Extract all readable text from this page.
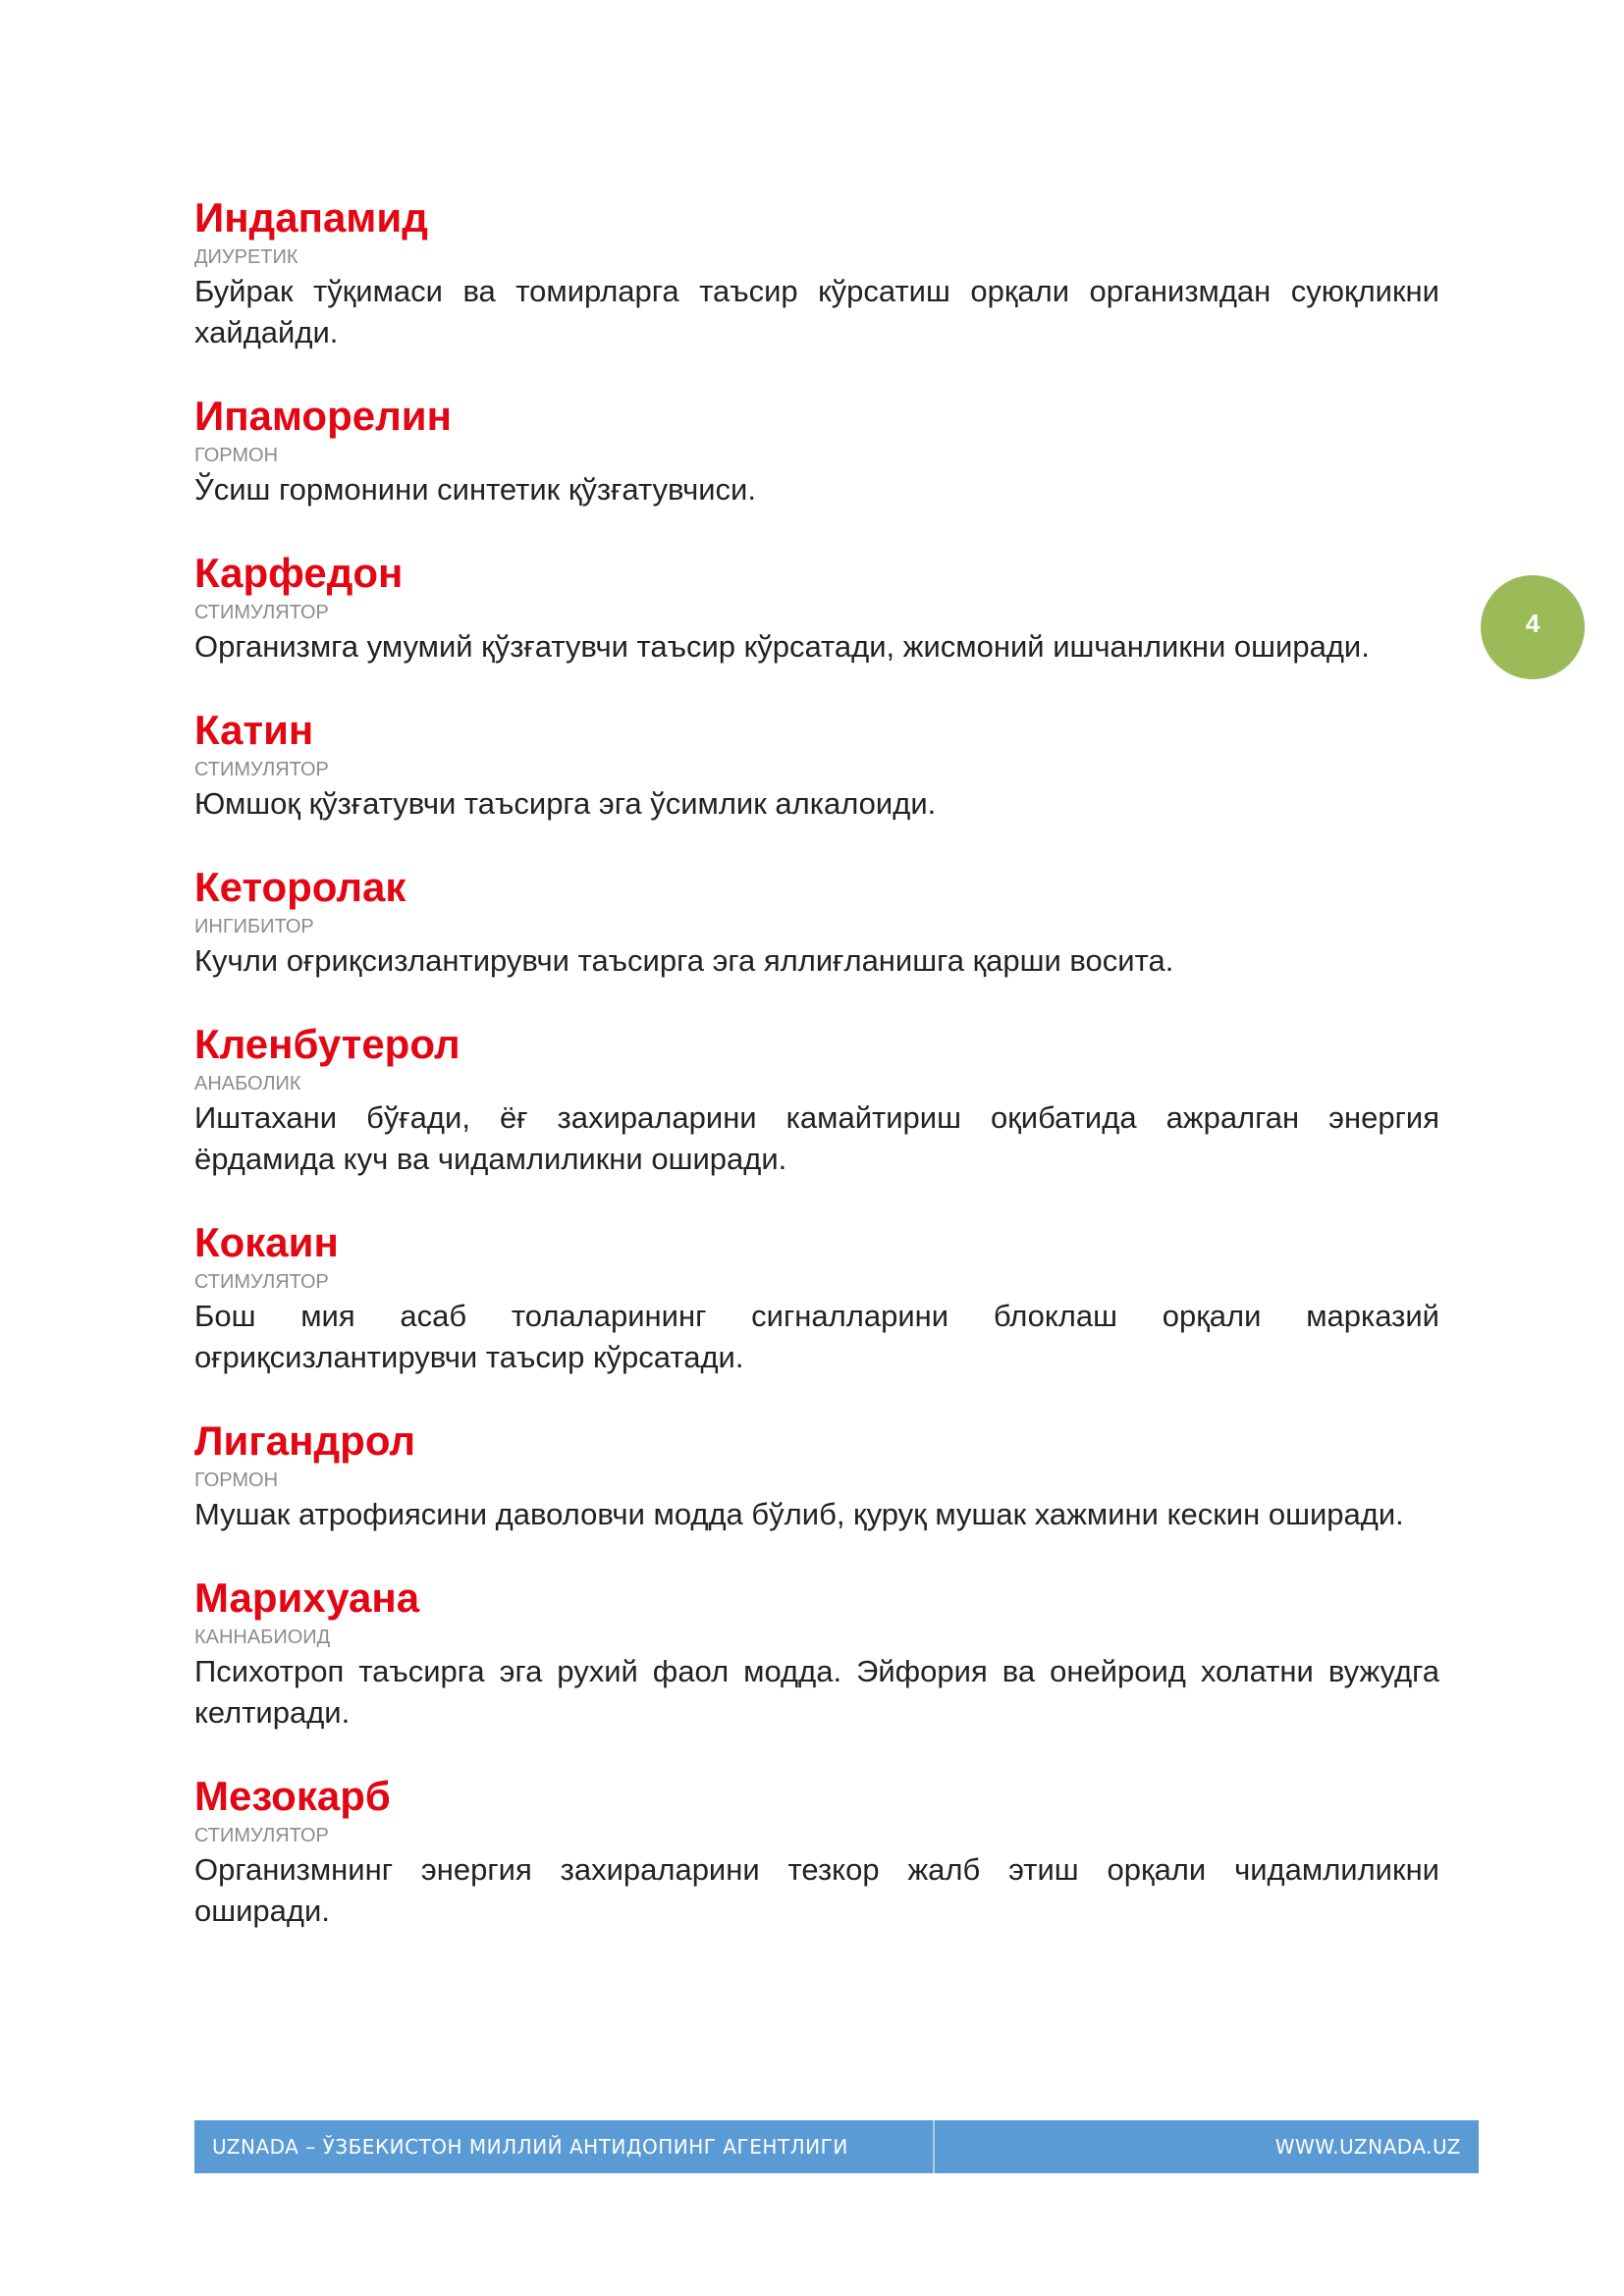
Индапамид
ДИУРЕТИК

Буйрак тўқимаси ва томирларга таъсир кўрсатиш орқали организмдан суюқликни хайдайди.

Ипаморелин
ГОРМОН

Ўсиш гормонини синтетик қўзғатувчиси.

Карфедон
СТИМУЛЯТОР

Организмга умумий қўзғатувчи таъсир кўрсатади, жисмоний ишчанликни оширади.

Катин
СТИМУЛЯТОР

Юмшоқ қўзғатувчи таъсирга эга ўсимлик алкалоиди.

Кеторолак
ИНГИБИТОР

Кучли оғриқсизлантирувчи таъсирга эга яллиғланишга қарши восита.

Кленбутерол
АНАБОЛИК

Иштахани бўғади, ёғ захираларини камайтириш оқибатида ажралган энергия ёрдамида куч ва чидамлиликни оширади.

Кокаин
СТИМУЛЯТОР

Бош мия асаб толаларининг сигналларини блоклаш орқали марказий оғриқсизлантирувчи таъсир кўрсатади.

Лигандрол
ГОРМОН

Мушак атрофиясини даволовчи модда бўлиб, қуруқ мушак хажмини кескин оширади.

Марихуана
КАННАБИОИД

Психотроп таъсирга эга рухий фаол модда. Эйфория ва онейроид холатни вужудга келтиради.

Мезокарб
СТИМУЛЯТОР

Организмнинг энергия захираларини тезкор жалб этиш орқали чидамлиликни оширади.

4
UZNADA – ЎЗБЕКИСТОН МИЛЛИЙ АНТИДОПИНГ АГЕНТЛИГИ	WWW.UZNADA.UZ
